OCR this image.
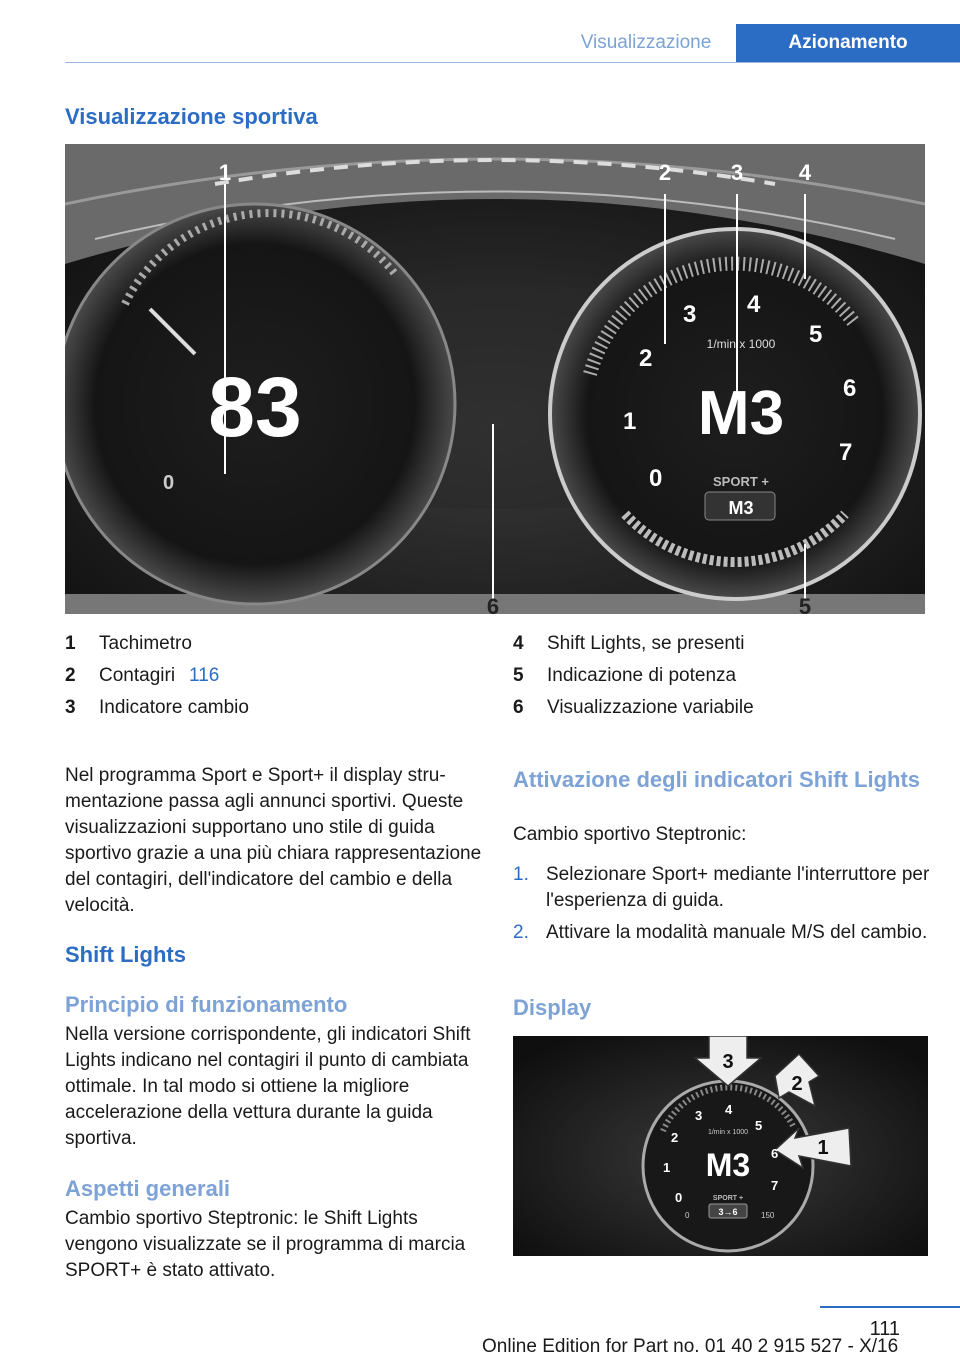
Visualizzazione	Azionamento
Visualizzazione sportiva
1	2	3	4
5
6
83
0	0
1
2
3 4
5
6
7
1/min x 1000
M3
SPORT +
M3
1	Tachimetro
2	Contagiri 116
3	Indicatore cambio
4	Shift Lights, se presenti
5	Indicazione di potenza
6	Visualizzazione variabile

Nel programma Sport e Sport+ il display strumentazione passa agli annunci sportivi. Queste visualizzazioni supportano uno stile di guida sportivo grazie a una più chiara rappresentazione del contagiri, dell'indicatore del cambio e della velocità.

Shift Lights
Principio di funzionamento

Nella versione corrispondente, gli indicatori Shift Lights indicano nel contagiri il punto di cambiata ottimale. In tal modo si ottiene la migliore accelerazione della vettura durante la guida sportiva.

Aspetti generali

Cambio sportivo Steptronic: le Shift Lights vengono visualizzate se il programma di marcia SPORT+ è stato attivato.

Attivazione degli indicatori Shift Lights

Cambio sportivo Steptronic:

1. Selezionare Sport+ mediante l'interruttore per l'esperienza di guida.
2. Attivare la modalità manuale M/S del cambio.
Display
3
2
1
0
1
2
3 4
5
6
7
1/min x 1000
M3
SPORT +
3→6
0	150
111
Online Edition for Part no. 01 40 2 915 527 - X/16
